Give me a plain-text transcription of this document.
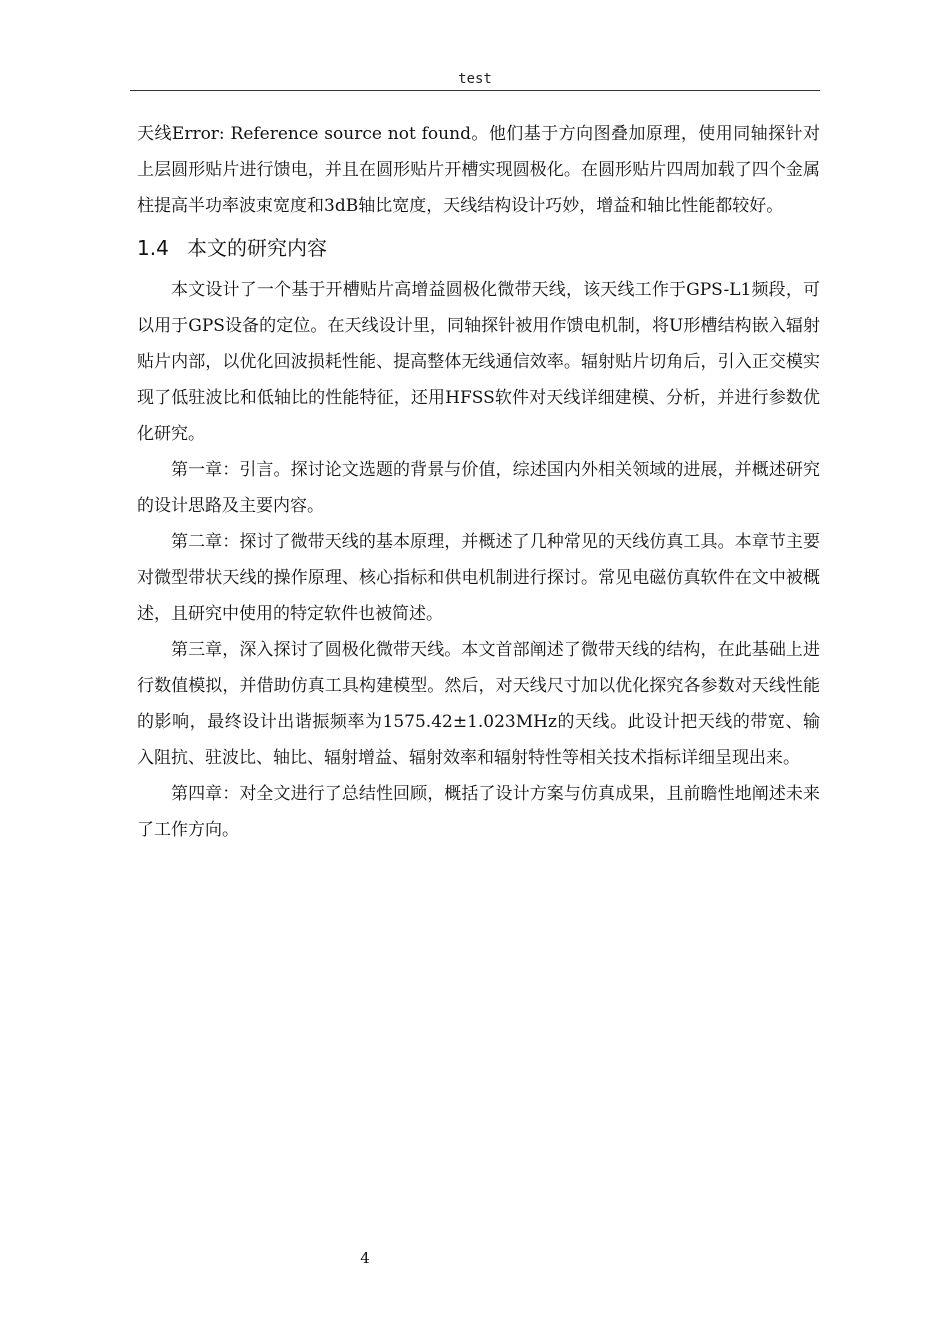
test

天线Error: Reference source not found。他们基于方向图叠加原理，使用同轴探针对上层圆形贴片进行馈电，并且在圆形贴片开槽实现圆极化。在圆形贴片四周加载了四个金属柱提高半功率波束宽度和3dB轴比宽度，天线结构设计巧妙，增益和轴比性能都较好。

1.4 本文的研究内容

本文设计了一个基于开槽贴片高增益圆极化微带天线，该天线工作于GPS-L1频段，可以用于GPS设备的定位。在天线设计里，同轴探针被用作馈电机制，将U形槽结构嵌入辐射贴片内部，以优化回波损耗性能、提高整体无线通信效率。辐射贴片切角后，引入正交模实现了低驻波比和低轴比的性能特征，还用HFSS软件对天线详细建模、分析，并进行参数优化研究。

第一章：引言。探讨论文选题的背景与价值，综述国内外相关领域的进展，并概述研究的设计思路及主要内容。

第二章：探讨了微带天线的基本原理，并概述了几种常见的天线仿真工具。本章节主要对微型带状天线的操作原理、核心指标和供电机制进行探讨。常见电磁仿真软件在文中被概述，且研究中使用的特定软件也被简述。

第三章，深入探讨了圆极化微带天线。本文首部阐述了微带天线的结构，在此基础上进行数值模拟，并借助仿真工具构建模型。然后，对天线尺寸加以优化探究各参数对天线性能的影响，最终设计出谐振频率为1575.42±1.023MHz的天线。此设计把天线的带宽、输入阻抗、驻波比、轴比、辐射增益、辐射效率和辐射特性等相关技术指标详细呈现出来。

第四章：对全文进行了总结性回顾，概括了设计方案与仿真成果，且前瞻性地阐述未来了工作方向。

4
